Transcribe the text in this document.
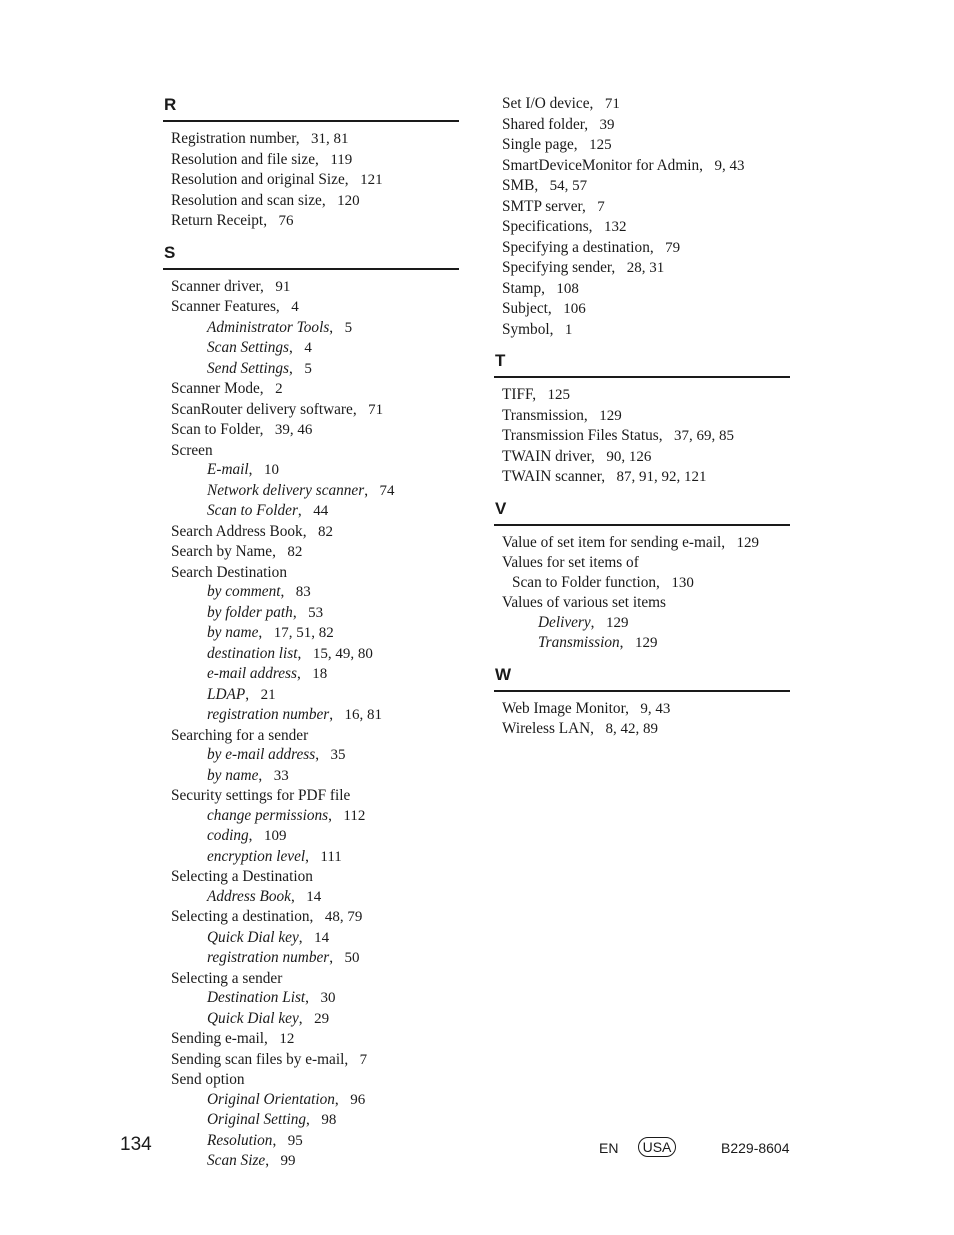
R
Registration number, 31, 81
Resolution and file size, 119
Resolution and original Size, 121
Resolution and scan size, 120
Return Receipt, 76
S
Scanner driver, 91
Scanner Features, 4
Administrator Tools, 5
Scan Settings, 4
Send Settings, 5
Scanner Mode, 2
ScanRouter delivery software, 71
Scan to Folder, 39, 46
Screen
E-mail, 10
Network delivery scanner, 74
Scan to Folder, 44
Search Address Book, 82
Search by Name, 82
Search Destination
by comment, 83
by folder path, 53
by name, 17, 51, 82
destination list, 15, 49, 80
e-mail address, 18
LDAP, 21
registration number, 16, 81
Searching for a sender
by e-mail address, 35
by name, 33
Security settings for PDF file
change permissions, 112
coding, 109
encryption level, 111
Selecting a Destination
Address Book, 14
Selecting a destination, 48, 79
Quick Dial key, 14
registration number, 50
Selecting a sender
Destination List, 30
Quick Dial key, 29
Sending e-mail, 12
Sending scan files by e-mail, 7
Send option
Original Orientation, 96
Original Setting, 98
Resolution, 95
Scan Size, 99
Set I/O device, 71
Shared folder, 39
Single page, 125
SmartDeviceMonitor for Admin, 9, 43
SMB, 54, 57
SMTP server, 7
Specifications, 132
Specifying a destination, 79
Specifying sender, 28, 31
Stamp, 108
Subject, 106
Symbol, 1
T
TIFF, 125
Transmission, 129
Transmission Files Status, 37, 69, 85
TWAIN driver, 90, 126
TWAIN scanner, 87, 91, 92, 121
V
Value of set item for sending e-mail, 129
Values for set items of
Scan to Folder function, 130
Values of various set items
Delivery, 129
Transmission, 129
W
Web Image Monitor, 9, 43
Wireless LAN, 8, 42, 89
134	EN	USA	B229-8604
